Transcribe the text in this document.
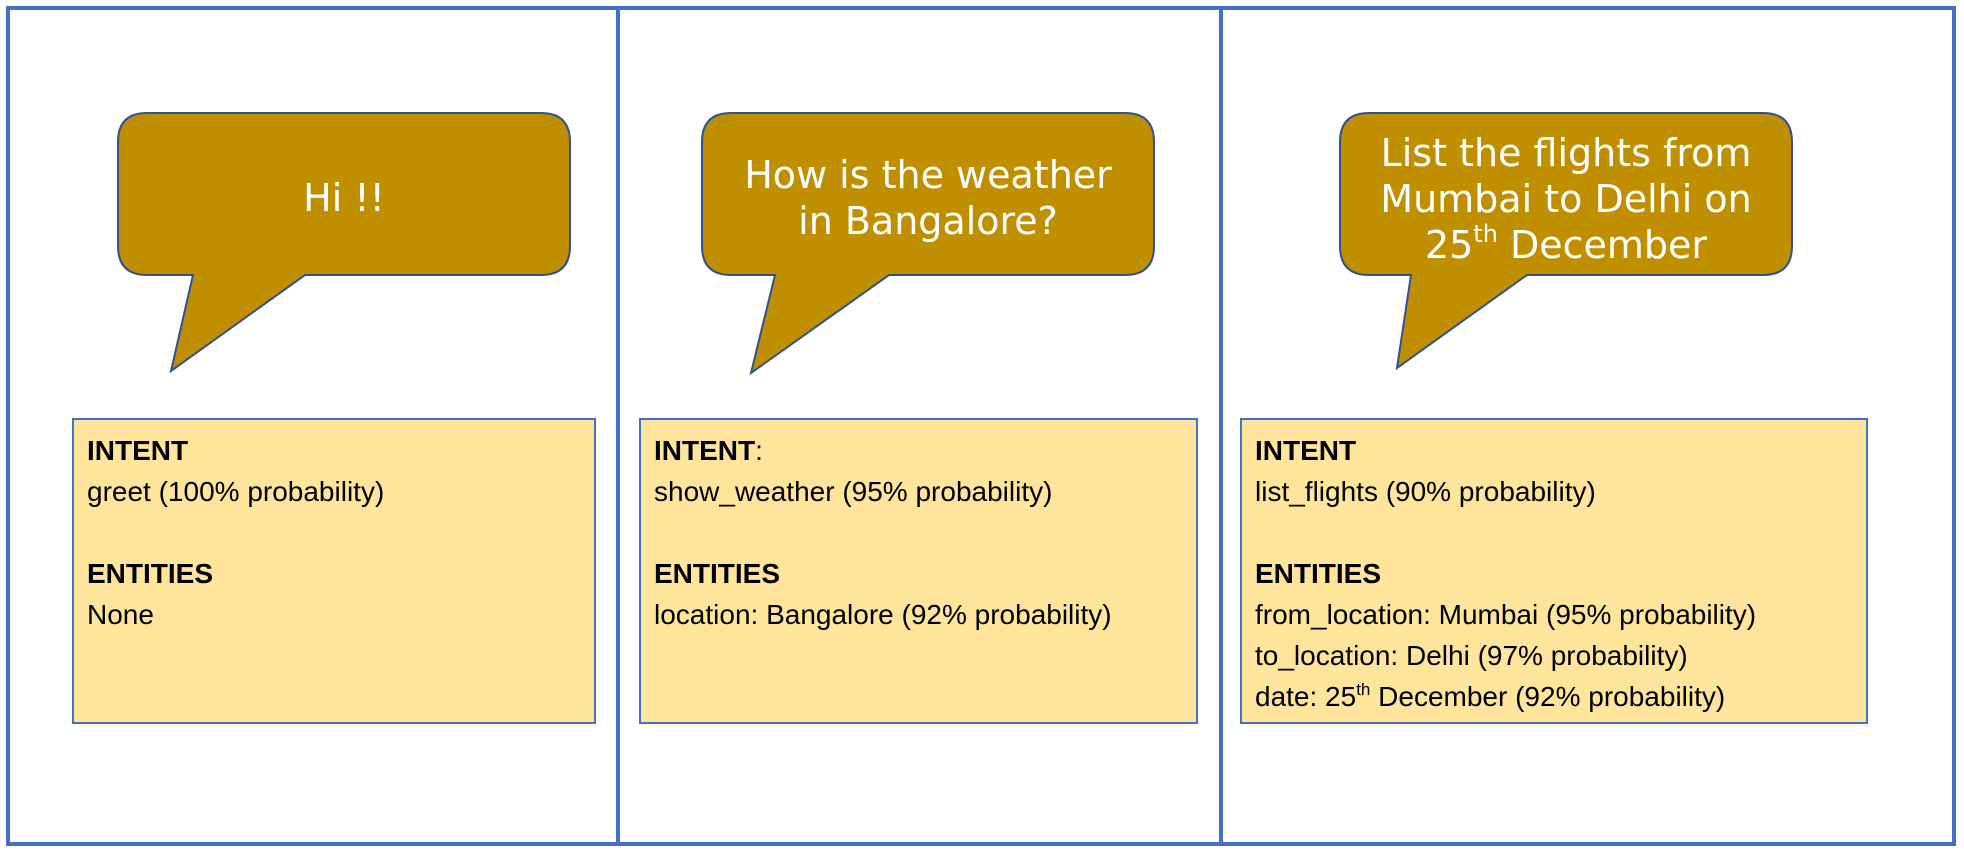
Hi !!
INTENT
greet (100% probability)
ENTITIES
None
How is the weather in Bangalore?
INTENT:
show_weather (95% probability)
ENTITIES
location: Bangalore (92% probability)
List the flights from
Mumbai to Delhi on
25th December
INTENT
list_flights (90% probability)
ENTITIES
from_location: Mumbai (95% probability)
to_location: Delhi (97% probability)
date: 25th December (92% probability)
